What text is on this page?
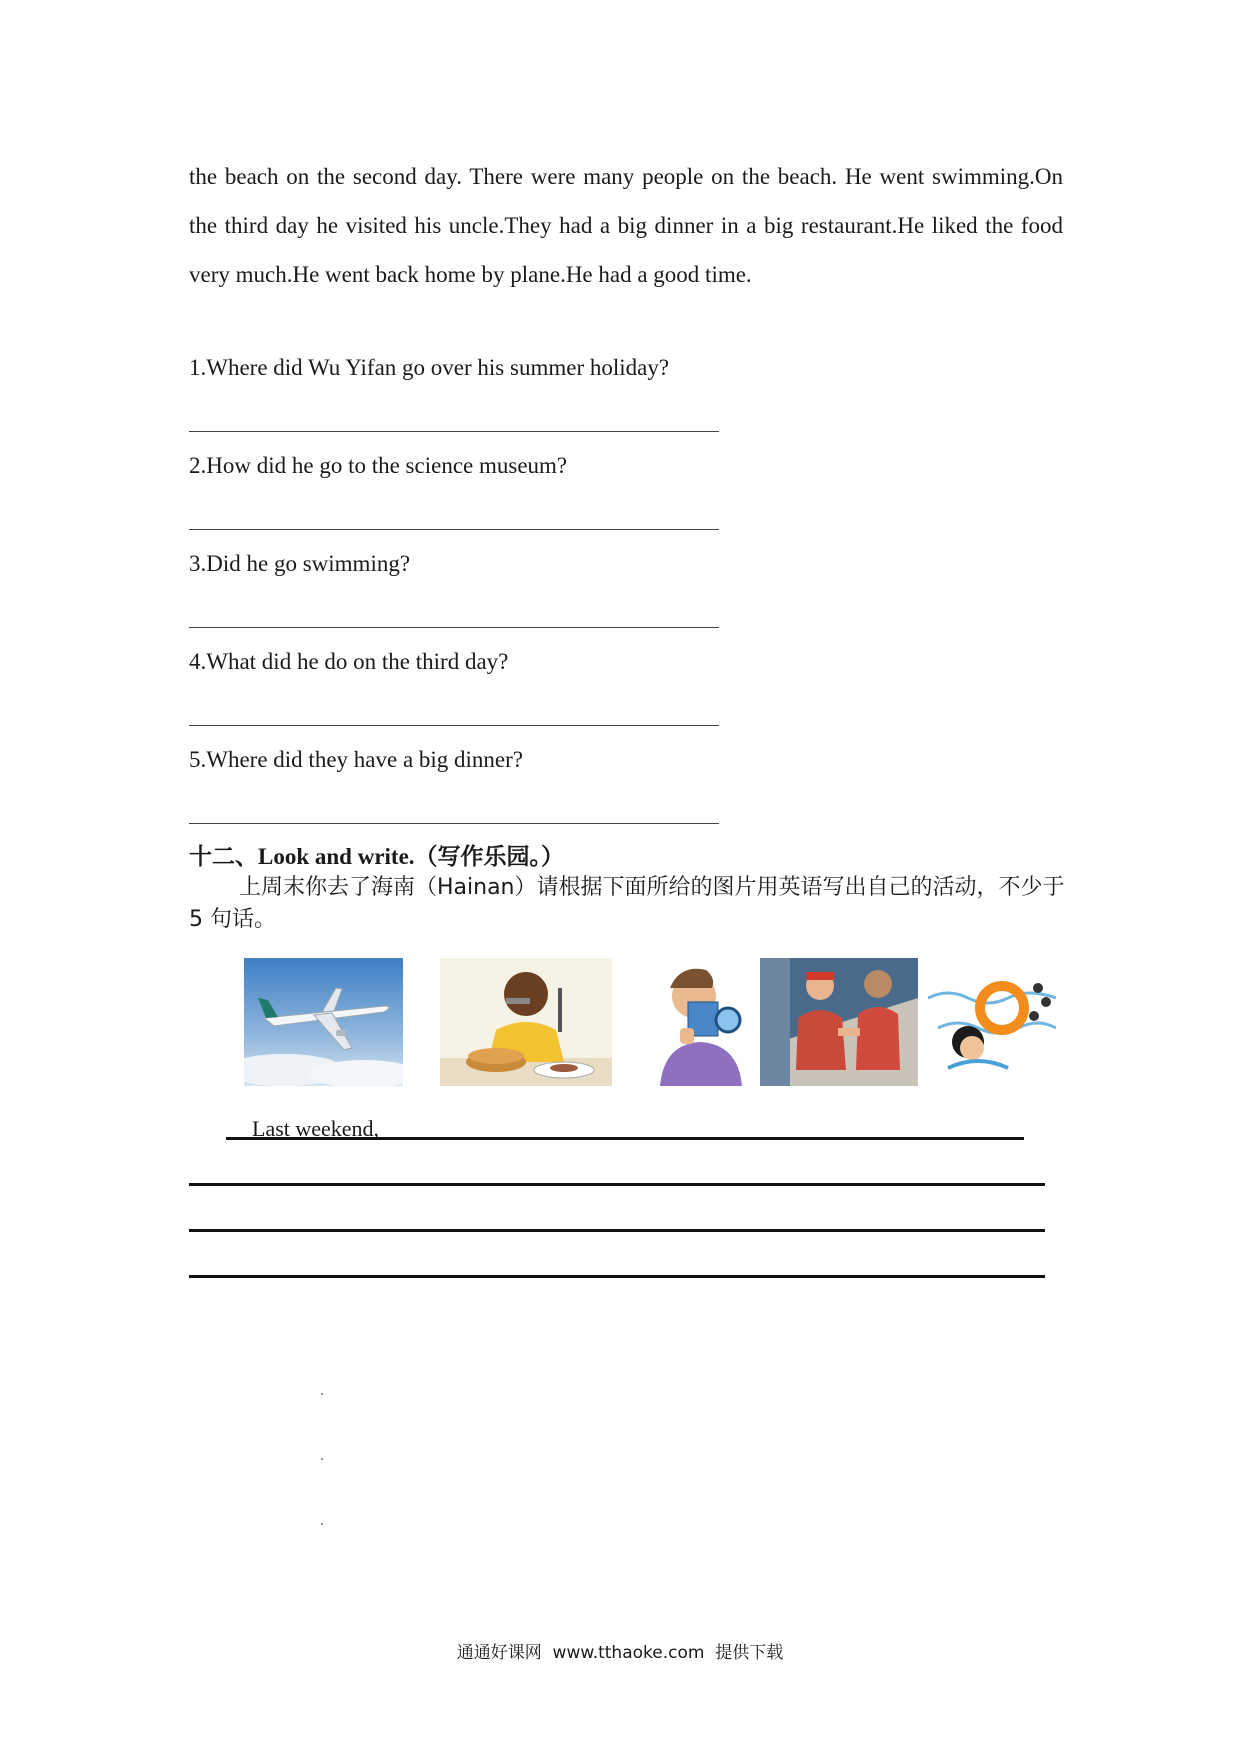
the beach on the second day. There were many people on the beach. He went swimming.On the third day he visited his uncle.They had a big dinner in a big restaurant.He liked the food very much.He went back home by plane.He had a good time.

1.Where did Wu Yifan go over his summer holiday?
2.How did he go to the science museum?
3.Did he go swimming?
4.What did he do on the third day?
5.Where did they have a big dinner?
十二、Look and write.（写作乐园。）

上周末你去了海南（Hainan）请根据下面所给的图片用英语写出自己的活动，不少于 5 句话。

Last weekend,
通通好课网  www.tthaoke.com  提供下载
